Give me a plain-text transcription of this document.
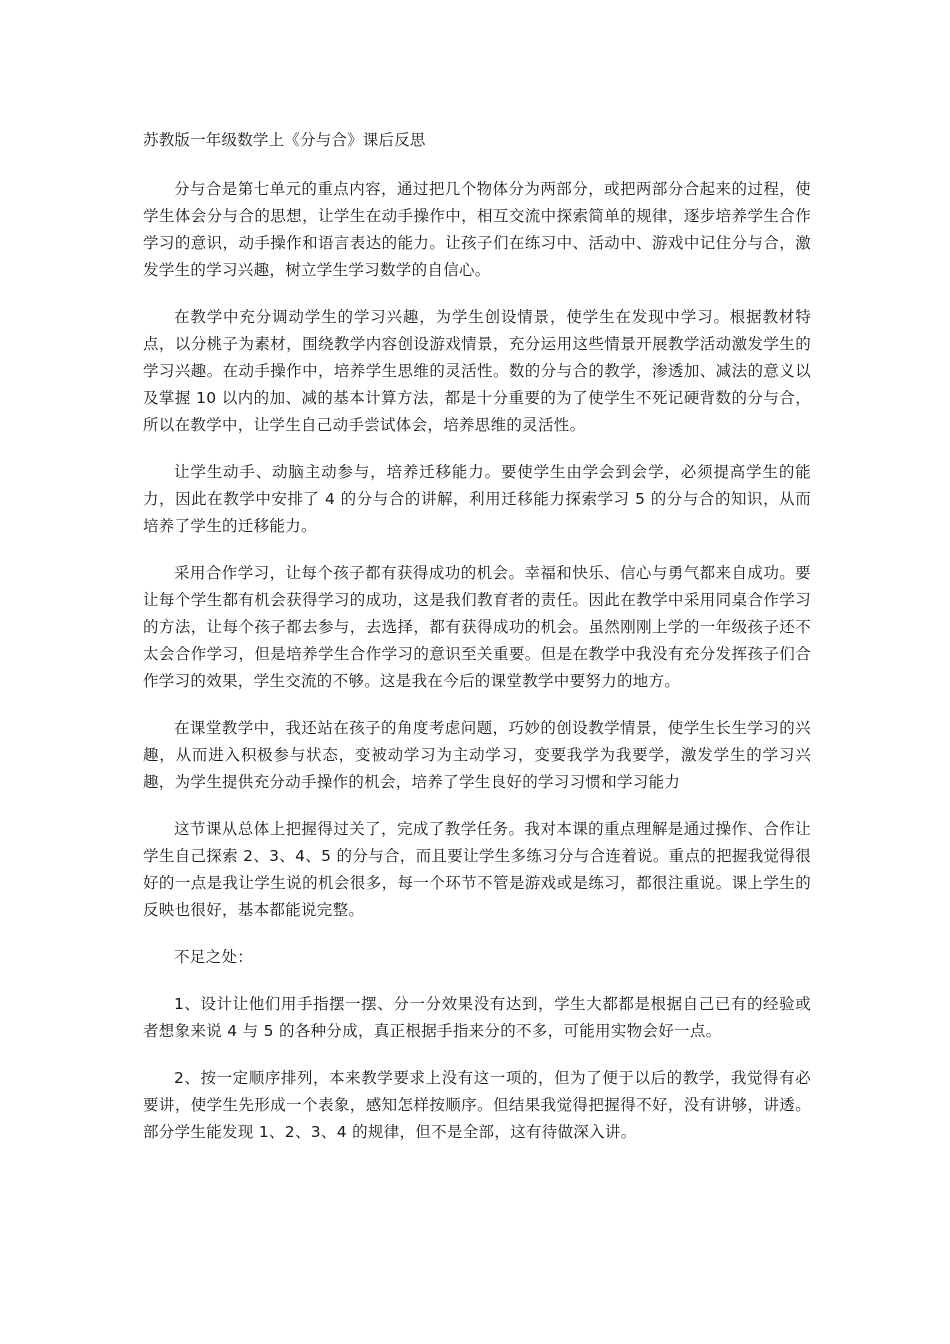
苏教版一年级数学上《分与合》课后反思

分与合是第七单元的重点内容，通过把几个物体分为两部分，或把两部分合起来的过程，使学生体会分与合的思想，让学生在动手操作中，相互交流中探索简单的规律，逐步培养学生合作学习的意识，动手操作和语言表达的能力。让孩子们在练习中、活动中、游戏中记住分与合，激发学生的学习兴趣，树立学生学习数学的自信心。

在教学中充分调动学生的学习兴趣，为学生创设情景，使学生在发现中学习。根据教材特点，以分桃子为素材，围绕教学内容创设游戏情景，充分运用这些情景开展教学活动激发学生的学习兴趣。在动手操作中，培养学生思维的灵活性。数的分与合的教学，渗透加、减法的意义以及掌握 10 以内的加、减的基本计算方法，都是十分重要的为了使学生不死记硬背数的分与合，所以在教学中，让学生自己动手尝试体会，培养思维的灵活性。

让学生动手、动脑主动参与，培养迁移能力。要使学生由学会到会学，必须提高学生的能力，因此在教学中安排了 4 的分与合的讲解，利用迁移能力探索学习 5 的分与合的知识，从而培养了学生的迁移能力。

采用合作学习，让每个孩子都有获得成功的机会。幸福和快乐、信心与勇气都来自成功。要让每个学生都有机会获得学习的成功，这是我们教育者的责任。因此在教学中采用同桌合作学习的方法，让每个孩子都去参与，去选择，都有获得成功的机会。虽然刚刚上学的一年级孩子还不太会合作学习，但是培养学生合作学习的意识至关重要。但是在教学中我没有充分发挥孩子们合作学习的效果，学生交流的不够。这是我在今后的课堂教学中要努力的地方。

在课堂教学中，我还站在孩子的角度考虑问题，巧妙的创设教学情景，使学生长生学习的兴趣，从而进入积极参与状态，变被动学习为主动学习，变要我学为我要学，激发学生的学习兴趣，为学生提供充分动手操作的机会，培养了学生良好的学习习惯和学习能力

这节课从总体上把握得过关了，完成了教学任务。我对本课的重点理解是通过操作、合作让学生自己探索 2、3、4、5 的分与合，而且要让学生多练习分与合连着说。重点的把握我觉得很好的一点是我让学生说的机会很多，每一个环节不管是游戏或是练习，都很注重说。课上学生的反映也很好，基本都能说完整。

不足之处：

1、设计让他们用手指摆一摆、分一分效果没有达到，学生大都都是根据自己已有的经验或者想象来说 4 与 5 的各种分成，真正根据手指来分的不多，可能用实物会好一点。

2、按一定顺序排列，本来教学要求上没有这一项的，但为了便于以后的教学，我觉得有必要讲，使学生先形成一个表象，感知怎样按顺序。但结果我觉得把握得不好，没有讲够，讲透。部分学生能发现 1、2、3、4 的规律，但不是全部，这有待做深入讲。
